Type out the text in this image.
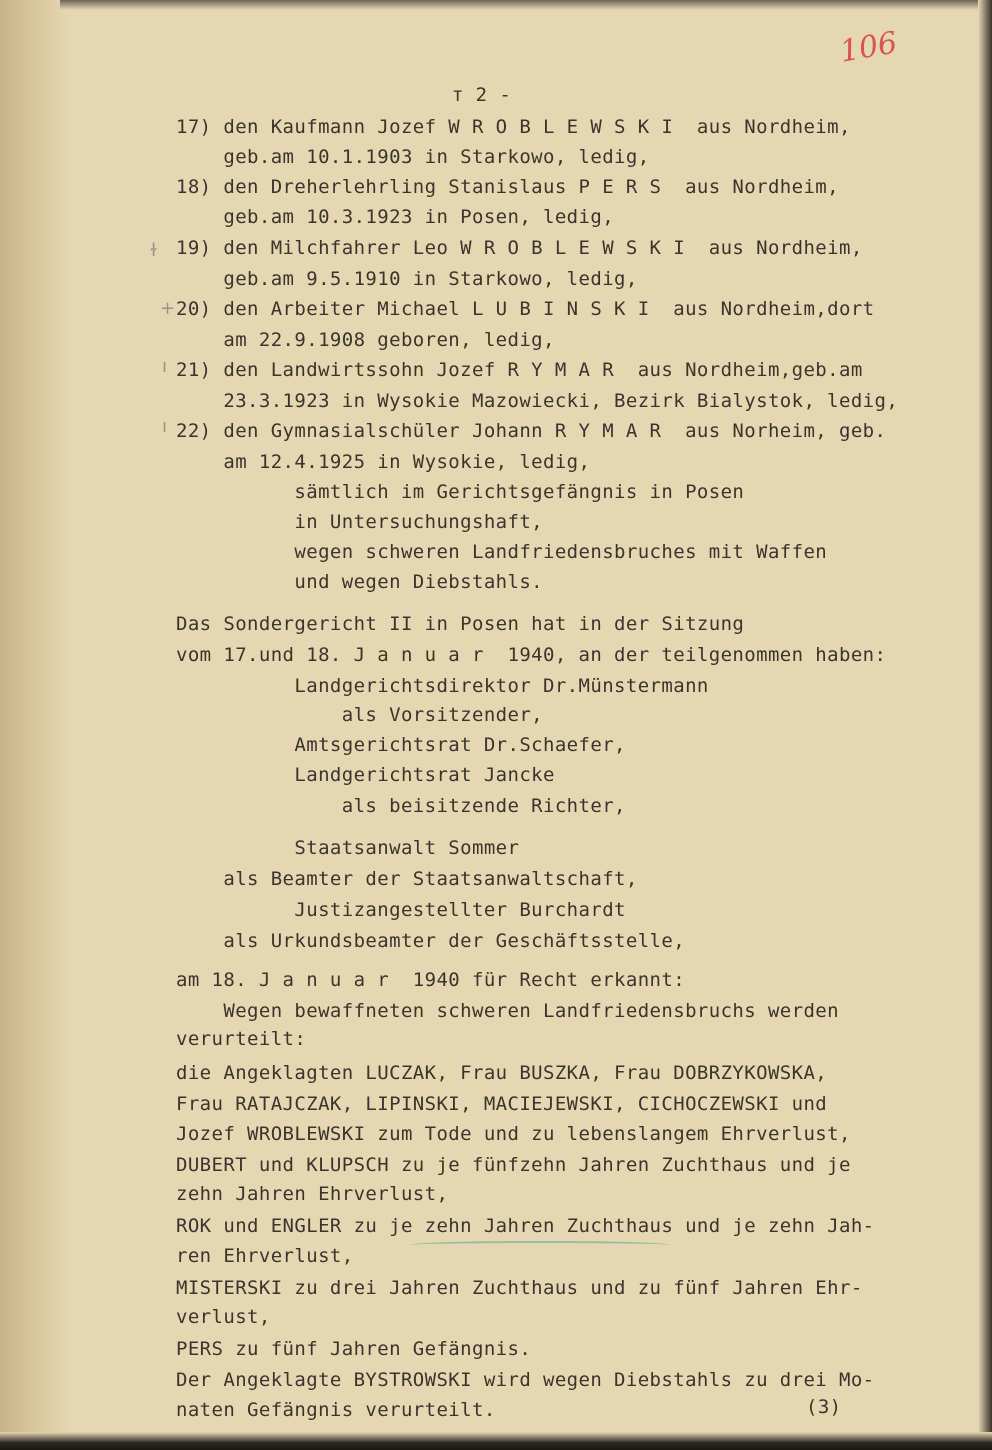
106
ᴛ 2 -
ɫ
+
ı
ı
17) den Kaufmann Jozef W R O B L E W S K I  aus Nordheim,
geb.am 10.1.1903 in Starkowo, ledig,
18) den Dreherlehrling Stanislaus P E R S  aus Nordheim,
geb.am 10.3.1923 in Posen, ledig,
19) den Milchfahrer Leo W R O B L E W S K I  aus Nordheim,
geb.am 9.5.1910 in Starkowo, ledig,
20) den Arbeiter Michael L U B I N S K I  aus Nordheim,dort
am 22.9.1908 geboren, ledig,
21) den Landwirtssohn Jozef R Y M A R  aus Nordheim,geb.am
23.3.1923 in Wysokie Mazowiecki, Bezirk Bialystok, ledig,
22) den Gymnasialschüler Johann R Y M A R  aus Norheim, geb.
am 12.4.1925 in Wysokie, ledig,
sämtlich im Gerichtsgefängnis in Posen
in Untersuchungshaft,
wegen schweren Landfriedensbruches mit Waffen
und wegen Diebstahls.
Das Sondergericht II in Posen hat in der Sitzung
vom 17.und 18. J a n u a r  1940, an der teilgenommen haben:
Landgerichtsdirektor Dr.Münstermann
als Vorsitzender,
Amtsgerichtsrat Dr.Schaefer,
Landgerichtsrat Jancke
als beisitzende Richter,
Staatsanwalt Sommer
als Beamter der Staatsanwaltschaft,
Justizangestellter Burchardt
als Urkundsbeamter der Geschäftsstelle,
am 18. J a n u a r  1940 für Recht erkannt:
Wegen bewaffneten schweren Landfriedensbruchs werden
verurteilt:
die Angeklagten LUCZAK, Frau BUSZKA, Frau DOBRZYKOWSKA,
Frau RATAJCZAK, LIPINSKI, MACIEJEWSKI, CICHOCZEWSKI und
Jozef WROBLEWSKI zum Tode und zu lebenslangem Ehrverlust,
DUBERT und KLUPSCH zu je fünfzehn Jahren Zuchthaus und je
zehn Jahren Ehrverlust,
ROK und ENGLER zu je zehn Jahren Zuchthaus und je zehn Jah-
ren Ehrverlust,
MISTERSKI zu drei Jahren Zuchthaus und zu fünf Jahren Ehr-
verlust,
PERS zu fünf Jahren Gefängnis.
Der Angeklagte BYSTROWSKI wird wegen Diebstahls zu drei Mo-
naten Gefängnis verurteilt.	(3)
